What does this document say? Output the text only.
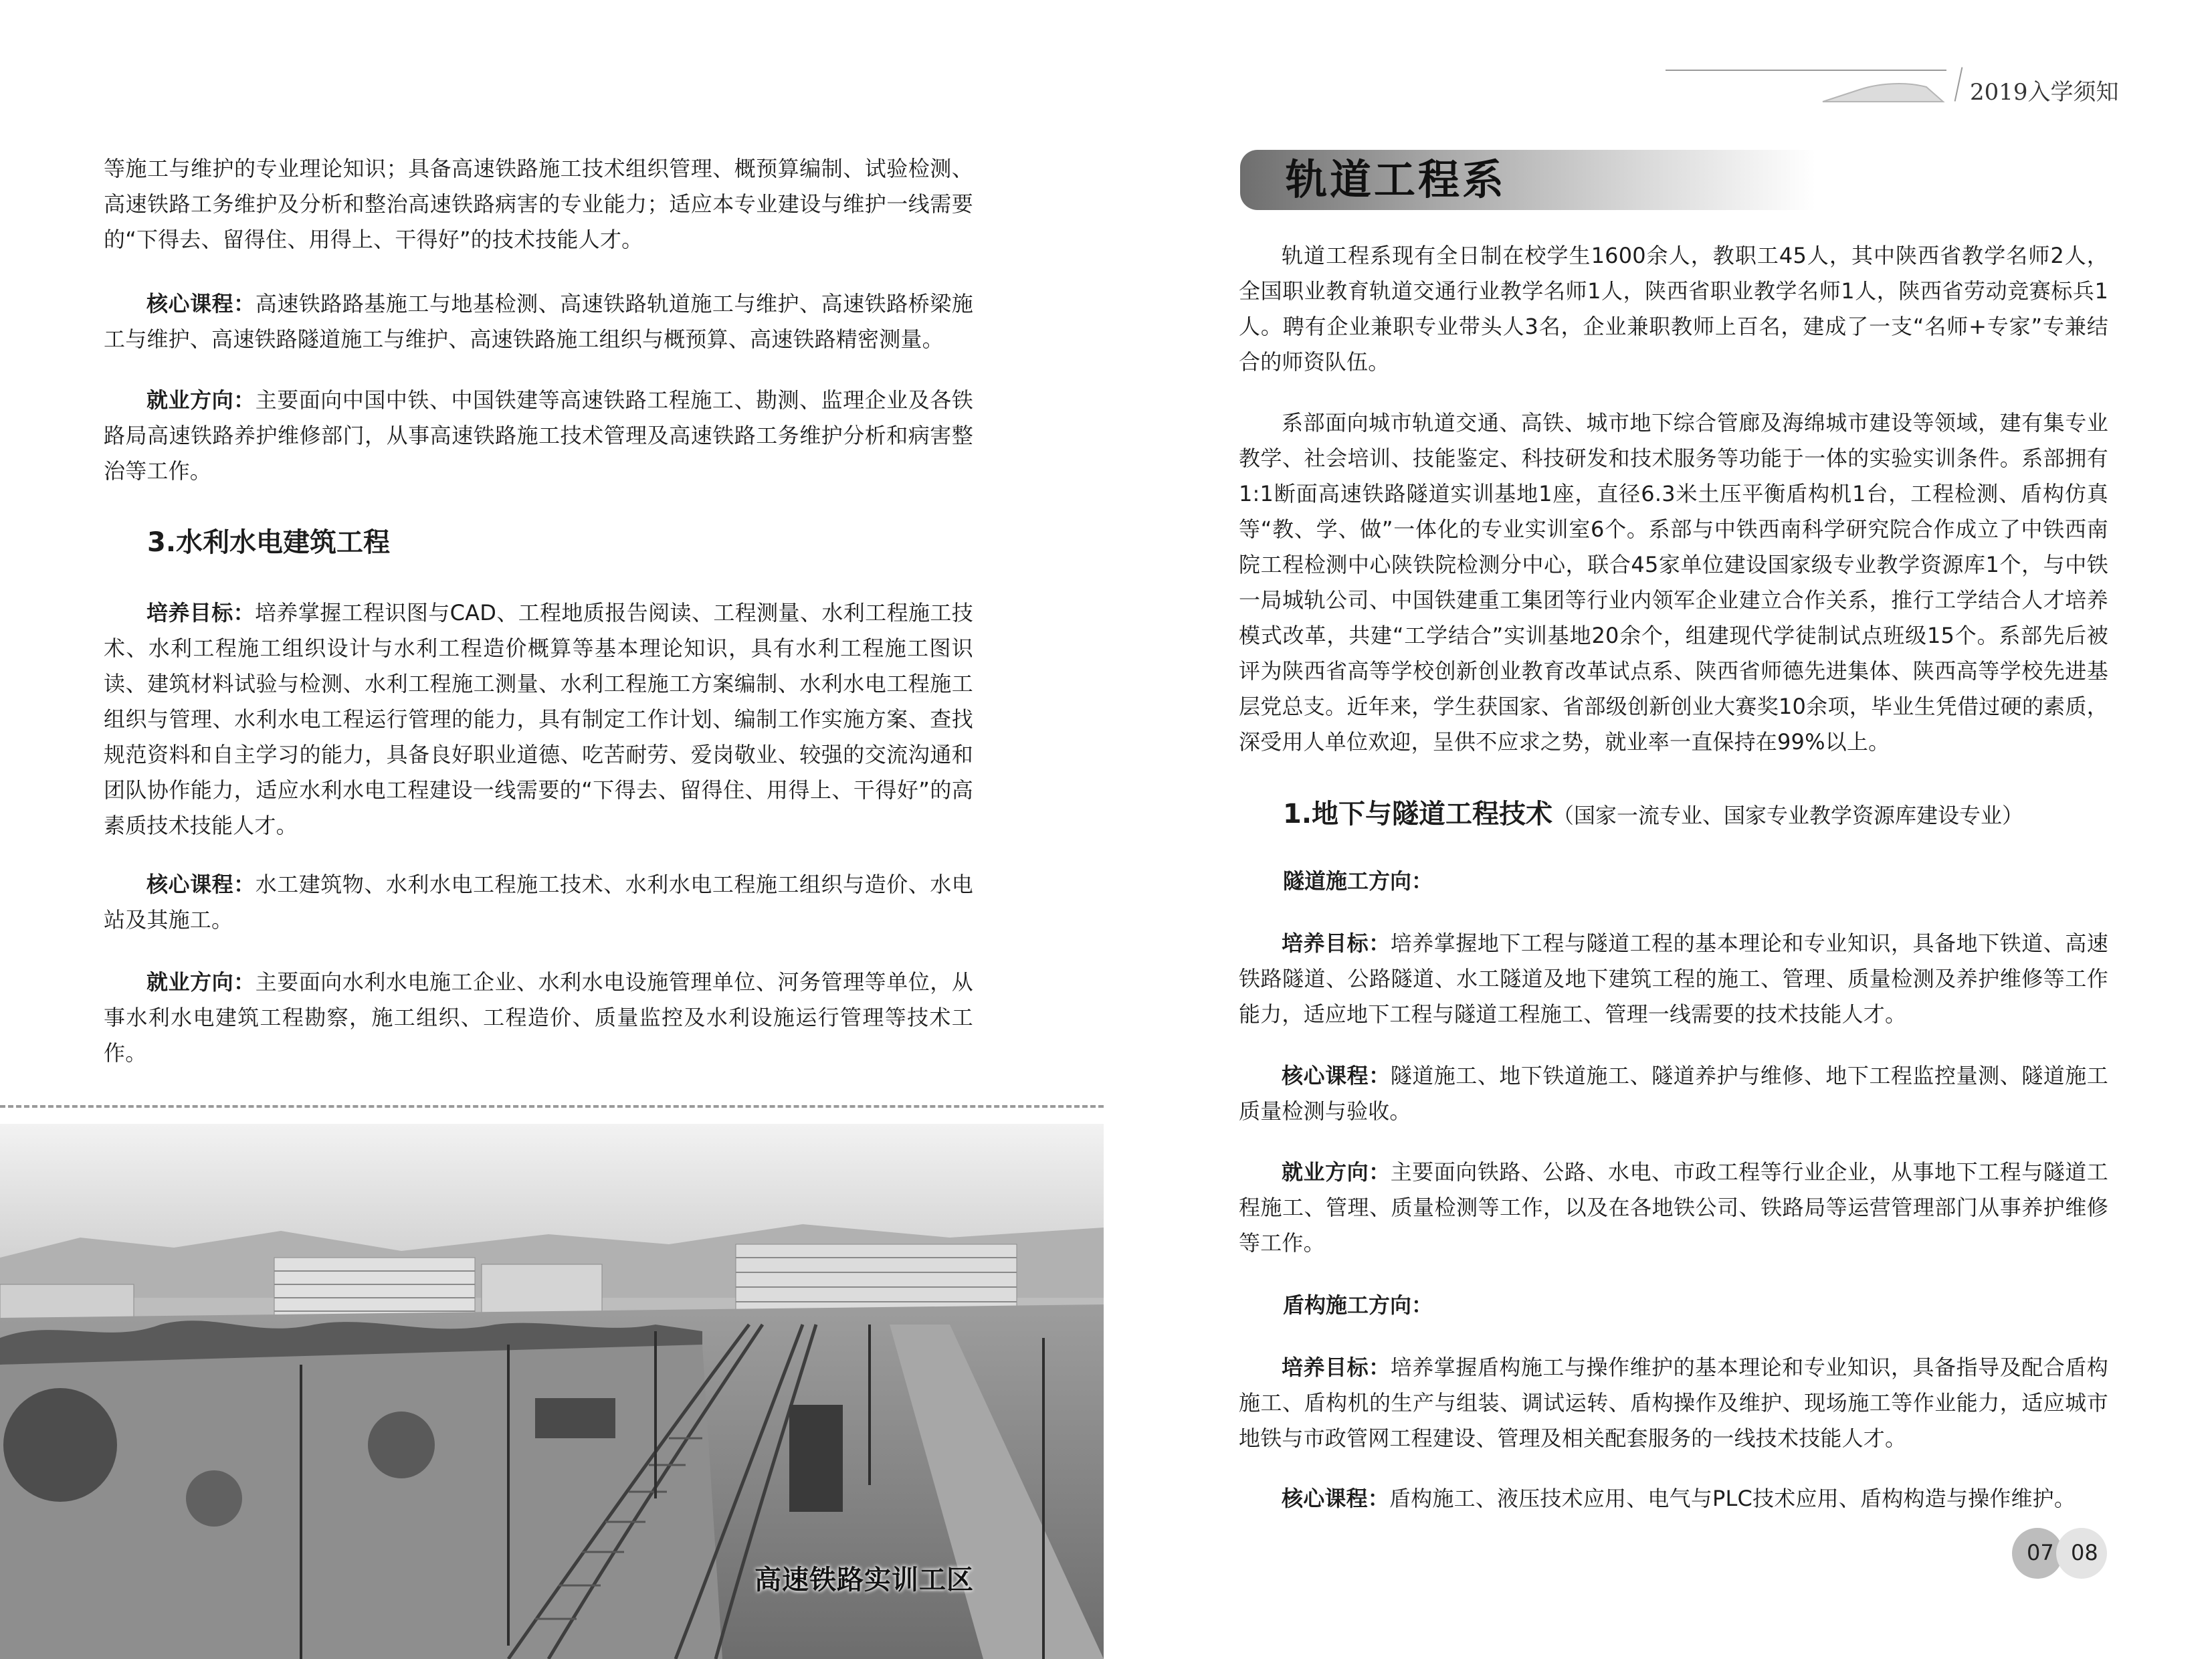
等施工与维护的专业理论知识；具备高速铁路施工技术组织管理、概预算编制、试验检测、高速铁路工务维护及分析和整治高速铁路病害的专业能力；适应本专业建设与维护一线需要的“下得去、留得住、用得上、干得好”的技术技能人才。

核心课程：高速铁路路基施工与地基检测、高速铁路轨道施工与维护、高速铁路桥梁施工与维护、高速铁路隧道施工与维护、高速铁路施工组织与概预算、高速铁路精密测量。

就业方向：主要面向中国中铁、中国铁建等高速铁路工程施工、勘测、监理企业及各铁路局高速铁路养护维修部门，从事高速铁路施工技术管理及高速铁路工务维护分析和病害整治等工作。

3.水利水电建筑工程

培养目标：培养掌握工程识图与CAD、工程地质报告阅读、工程测量、水利工程施工技术、水利工程施工组织设计与水利工程造价概算等基本理论知识，具有水利工程施工图识读、建筑材料试验与检测、水利工程施工测量、水利工程施工方案编制、水利水电工程施工组织与管理、水利水电工程运行管理的能力，具有制定工作计划、编制工作实施方案、查找规范资料和自主学习的能力，具备良好职业道德、吃苦耐劳、爱岗敬业、较强的交流沟通和团队协作能力，适应水利水电工程建设一线需要的“下得去、留得住、用得上、干得好”的高素质技术技能人才。

核心课程：水工建筑物、水利水电工程施工技术、水利水电工程施工组织与造价、水电站及其施工。

就业方向：主要面向水利水电施工企业、水利水电设施管理单位、河务管理等单位，从事水利水电建筑工程勘察，施工组织、工程造价、质量监控及水利设施运行管理等技术工作。

高速铁路实训工区
2019入学须知
轨道工程系

轨道工程系现有全日制在校学生1600余人，教职工45人，其中陕西省教学名师2人，全国职业教育轨道交通行业教学名师1人，陕西省职业教学名师1人，陕西省劳动竞赛标兵1人。聘有企业兼职专业带头人3名，企业兼职教师上百名，建成了一支“名师+专家”专兼结合的师资队伍。

系部面向城市轨道交通、高铁、城市地下综合管廊及海绵城市建设等领域，建有集专业教学、社会培训、技能鉴定、科技研发和技术服务等功能于一体的实验实训条件。系部拥有1:1断面高速铁路隧道实训基地1座，直径6.3米土压平衡盾构机1台，工程检测、盾构仿真等“教、学、做”一体化的专业实训室6个。系部与中铁西南科学研究院合作成立了中铁西南院工程检测中心陕铁院检测分中心，联合45家单位建设国家级专业教学资源库1个，与中铁一局城轨公司、中国铁建重工集团等行业内领军企业建立合作关系，推行工学结合人才培养模式改革，共建“工学结合”实训基地20余个，组建现代学徒制试点班级15个。系部先后被评为陕西省高等学校创新创业教育改革试点系、陕西省师德先进集体、陕西高等学校先进基层党总支。近年来，学生获国家、省部级创新创业大赛奖10余项，毕业生凭借过硬的素质，深受用人单位欢迎，呈供不应求之势，就业率一直保持在99%以上。

1.地下与隧道工程技术（国家一流专业、国家专业教学资源库建设专业）
隧道施工方向：

培养目标：培养掌握地下工程与隧道工程的基本理论和专业知识，具备地下铁道、高速铁路隧道、公路隧道、水工隧道及地下建筑工程的施工、管理、质量检测及养护维修等工作能力，适应地下工程与隧道工程施工、管理一线需要的技术技能人才。

核心课程：隧道施工、地下铁道施工、隧道养护与维修、地下工程监控量测、隧道施工质量检测与验收。

就业方向：主要面向铁路、公路、水电、市政工程等行业企业，从事地下工程与隧道工程施工、管理、质量检测等工作，以及在各地铁公司、铁路局等运营管理部门从事养护维修等工作。

盾构施工方向：

培养目标：培养掌握盾构施工与操作维护的基本理论和专业知识，具备指导及配合盾构施工、盾构机的生产与组装、调试运转、盾构操作及维护、现场施工等作业能力，适应城市地铁与市政管网工程建设、管理及相关配套服务的一线技术技能人才。

核心课程：盾构施工、液压技术应用、电气与PLC技术应用、盾构构造与操作维护。

07 08
